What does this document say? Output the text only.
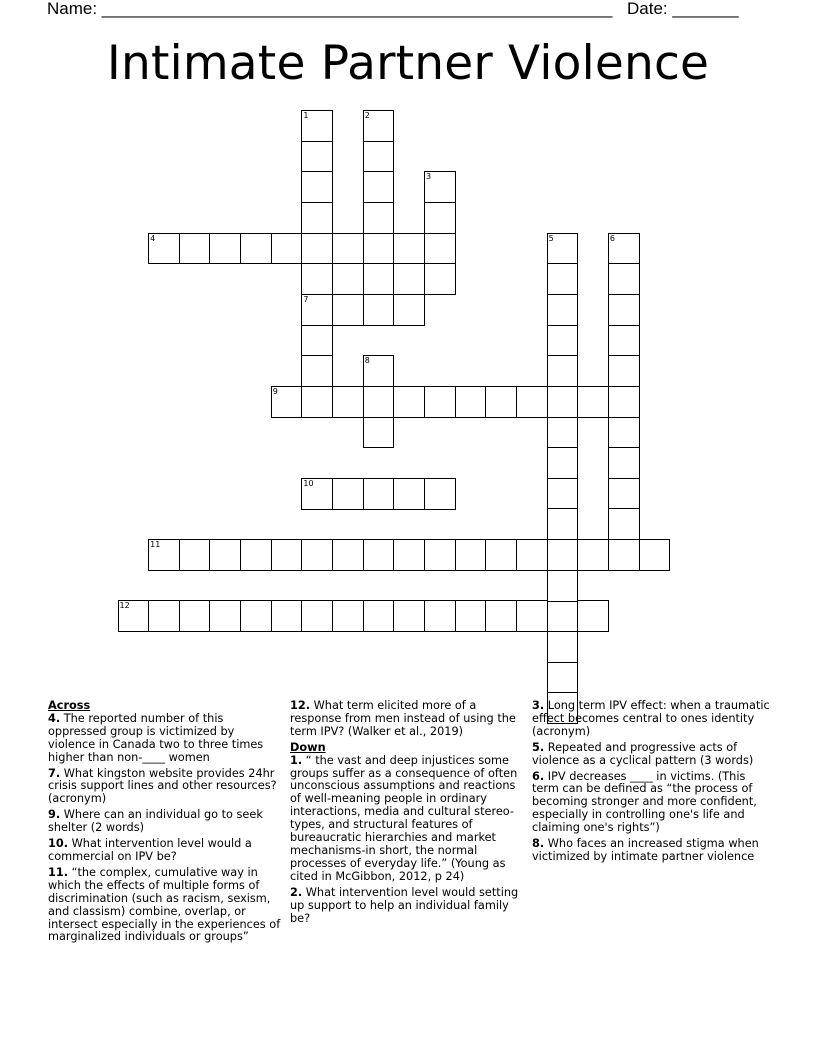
Name: ______________________________________________________ Date: _______
Intimate Partner Violence
4
7
9
10
11
12
1	2
3
5	6
8
Across
4. The reported number of this oppressed group is victimized by violence in Canada two to three times higher than non-____ women
7. What kingston website provides 24hr crisis support lines and other resources? (acronym)
9. Where can an individual go to seek shelter (2 words)
10. What intervention level would a commercial on IPV be?
11. “the complex, cumulative way in which the effects of multiple forms of discrimination (such as racism, sexism, and classism) combine, overlap, or intersect especially in the experiences of marginalized individuals or groups”
12. What term elicited more of a response from men instead of using the term IPV? (Walker et al., 2019)
Down
1. “ the vast and deep injustices some groups suffer as a consequence of often unconscious assumptions and reactions of well-meaning people in ordinary interactions, media and cultural stereo-types, and structural features of bureaucratic hierarchies and market mechanisms-in short, the normal processes of everyday life.” (Young as cited in McGibbon, 2012, p 24)
2. What intervention level would setting up support to help an individual family be?
3. Long term IPV effect: when a traumatic effect becomes central to ones identity (acronym)
5. Repeated and progressive acts of violence as a cyclical pattern (3 words)
6. IPV decreases ____ in victims. (This term can be defined as “the process of becoming stronger and more confident, especially in controlling one's life and claiming one's rights”)
8. Who faces an increased stigma when victimized by intimate partner violence
